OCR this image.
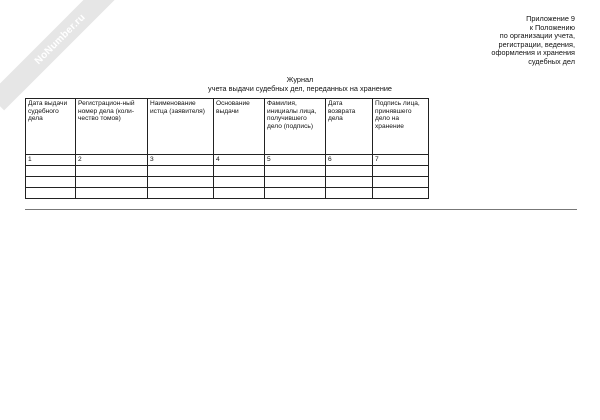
NoNumber.ru	Приложение 9
к Положению
по организации учета,
регистрации, ведения,
оформления и хранения
судебных дел
Журнал
учета выдачи судебных дел, переданных на хранение
Дата выдачи судебного дела	Регистрацион-ный номер дела (коли-чество томов)	Наименование истца (заявителя)	Основание выдачи	Фамилия, инициалы лица, получившего дело (подпись)	Дата возврата дела	Подпись лица, принявшего дело на хранение
1	2	3	4	5	6	7
